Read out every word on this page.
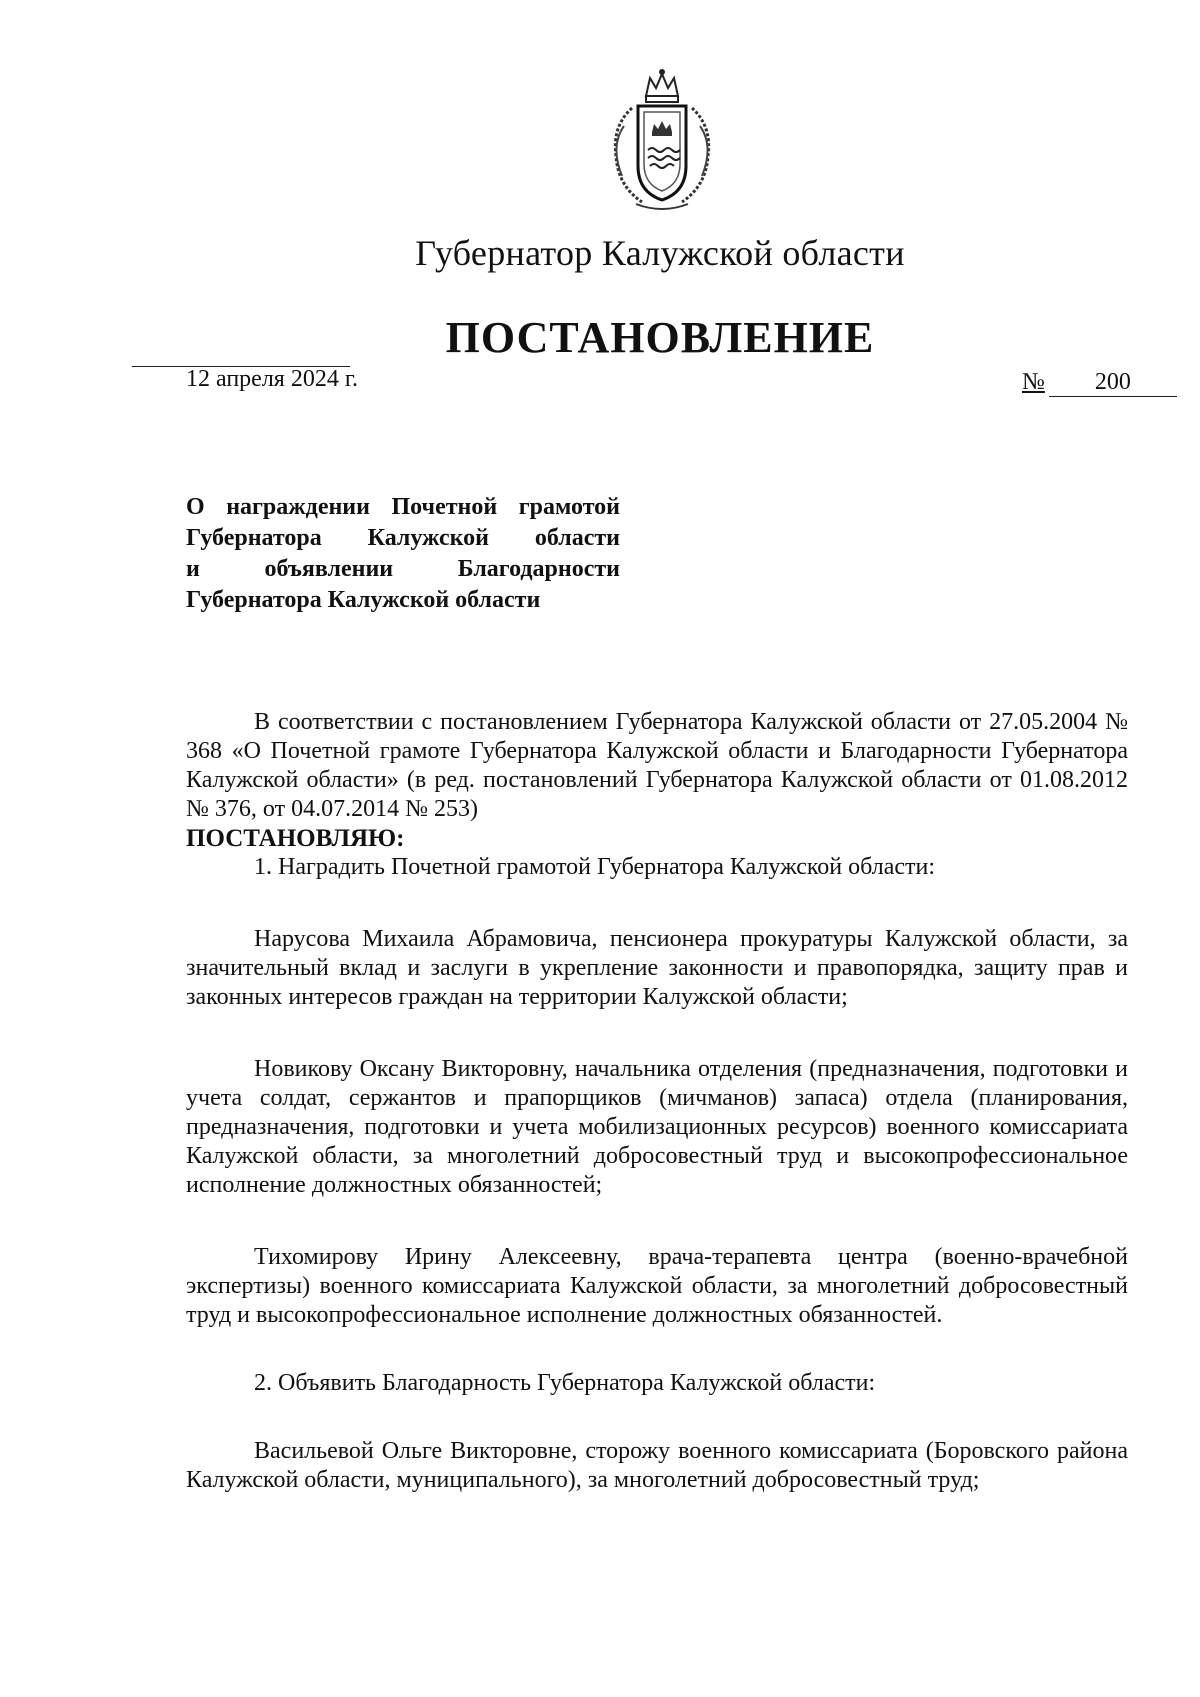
Губернатор Калужской области
ПОСТАНОВЛЕНИЕ
12 апреля 2024 г.	№ 200
О награждении Почетной грамотой
Губернатора Калужской области
и объявлении Благодарности
Губернатора Калужской области

В соответствии с постановлением Губернатора Калужской области от 27.05.2004 № 368 «О Почетной грамоте Губернатора Калужской области и Благодарности Губернатора Калужской области» (в ред. постановлений Губернатора Калужской области от 01.08.2012 № 376, от 04.07.2014 № 253)

ПОСТАНОВЛЯЮ:

1. Наградить Почетной грамотой Губернатора Калужской области:

Нарусова Михаила Абрамовича, пенсионера прокуратуры Калужской области, за значительный вклад и заслуги в укрепление законности и правопорядка, защиту прав и законных интересов граждан на территории Калужской области;

Новикову Оксану Викторовну, начальника отделения (предназначения, подготовки и учета солдат, сержантов и прапорщиков (мичманов) запаса) отдела (планирования, предназначения, подготовки и учета мобилизационных ресурсов) военного комиссариата Калужской области, за многолетний добросовестный труд и высокопрофессиональное исполнение должностных обязанностей;

Тихомирову Ирину Алексеевну, врача-терапевта центра (военно-врачебной экспертизы) военного комиссариата Калужской области, за многолетний добросовестный труд и высокопрофессиональное исполнение должностных обязанностей.

2. Объявить Благодарность Губернатора Калужской области:

Васильевой Ольге Викторовне, сторожу военного комиссариата (Боровского района Калужской области, муниципального), за многолетний добросовестный труд;
